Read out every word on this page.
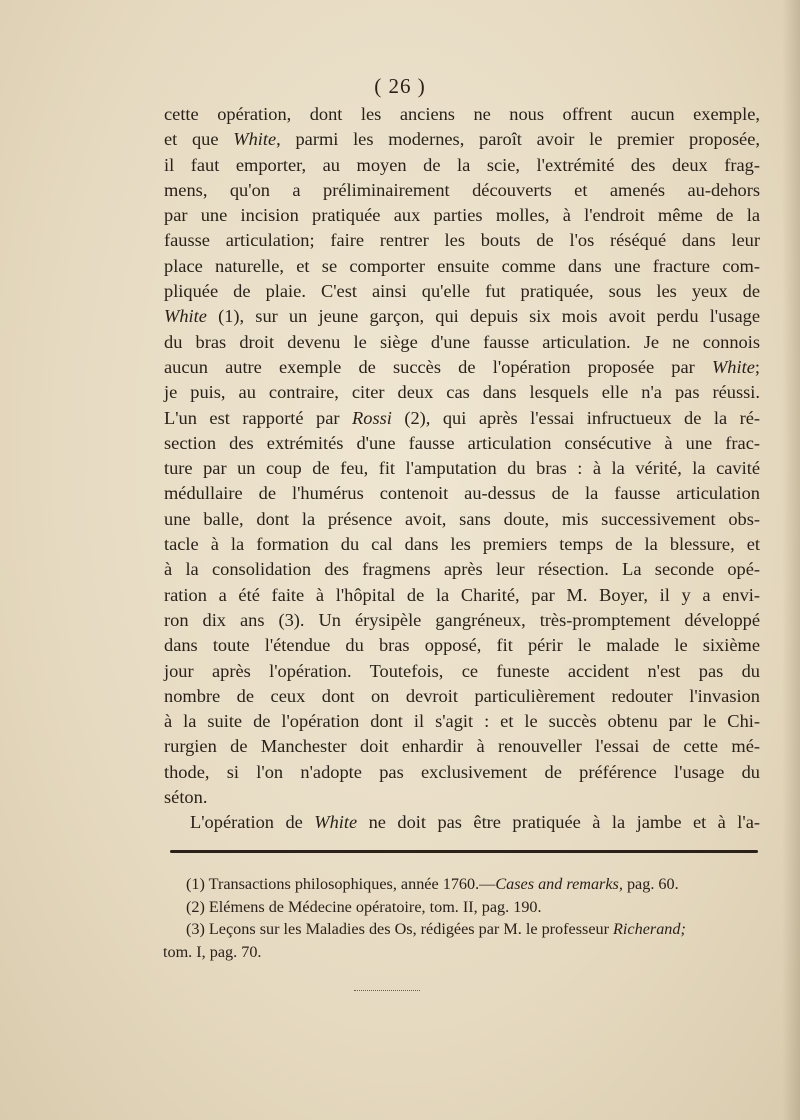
( 26 )
cette opération, dont les anciens ne nous offrent aucun exemple,
et que White, parmi les modernes, paroît avoir le premier proposée,
il faut emporter, au moyen de la scie, l'extrémité des deux frag-
mens, qu'on a préliminairement découverts et amenés au-dehors
par une incision pratiquée aux parties molles, à l'endroit même de la
fausse articulation; faire rentrer les bouts de l'os réséqué dans leur
place naturelle, et se comporter ensuite comme dans une fracture com-
pliquée de plaie. C'est ainsi qu'elle fut pratiquée, sous les yeux de
White (1), sur un jeune garçon, qui depuis six mois avoit perdu l'usage
du bras droit devenu le siège d'une fausse articulation. Je ne connois
aucun autre exemple de succès de l'opération proposée par White;
je puis, au contraire, citer deux cas dans lesquels elle n'a pas réussi.
L'un est rapporté par Rossi (2), qui après l'essai infructueux de la ré-
section des extrémités d'une fausse articulation consécutive à une frac-
ture par un coup de feu, fit l'amputation du bras : à la vérité, la cavité
médullaire de l'humérus contenoit au-dessus de la fausse articulation
une balle, dont la présence avoit, sans doute, mis successivement obs-
tacle à la formation du cal dans les premiers temps de la blessure, et
à la consolidation des fragmens après leur résection. La seconde opé-
ration a été faite à l'hôpital de la Charité, par M. Boyer, il y a envi-
ron dix ans (3). Un érysipèle gangréneux, très-promptement développé
dans toute l'étendue du bras opposé, fit périr le malade le sixième
jour après l'opération. Toutefois, ce funeste accident n'est pas du
nombre de ceux dont on devroit particulièrement redouter l'invasion
à la suite de l'opération dont il s'agit : et le succès obtenu par le Chi-
rurgien de Manchester doit enhardir à renouveller l'essai de cette mé-
thode, si l'on n'adopte pas exclusivement de préférence l'usage du
séton.
L'opération de White ne doit pas être pratiquée à la jambe et à l'a-
(1) Transactions philosophiques, année 1760.—Cases and remarks, pag. 60.
(2) Elémens de Médecine opératoire, tom. II, pag. 190.
(3) Leçons sur les Maladies des Os, rédigées par M. le professeur Richerand;
tom. I, pag. 70.
